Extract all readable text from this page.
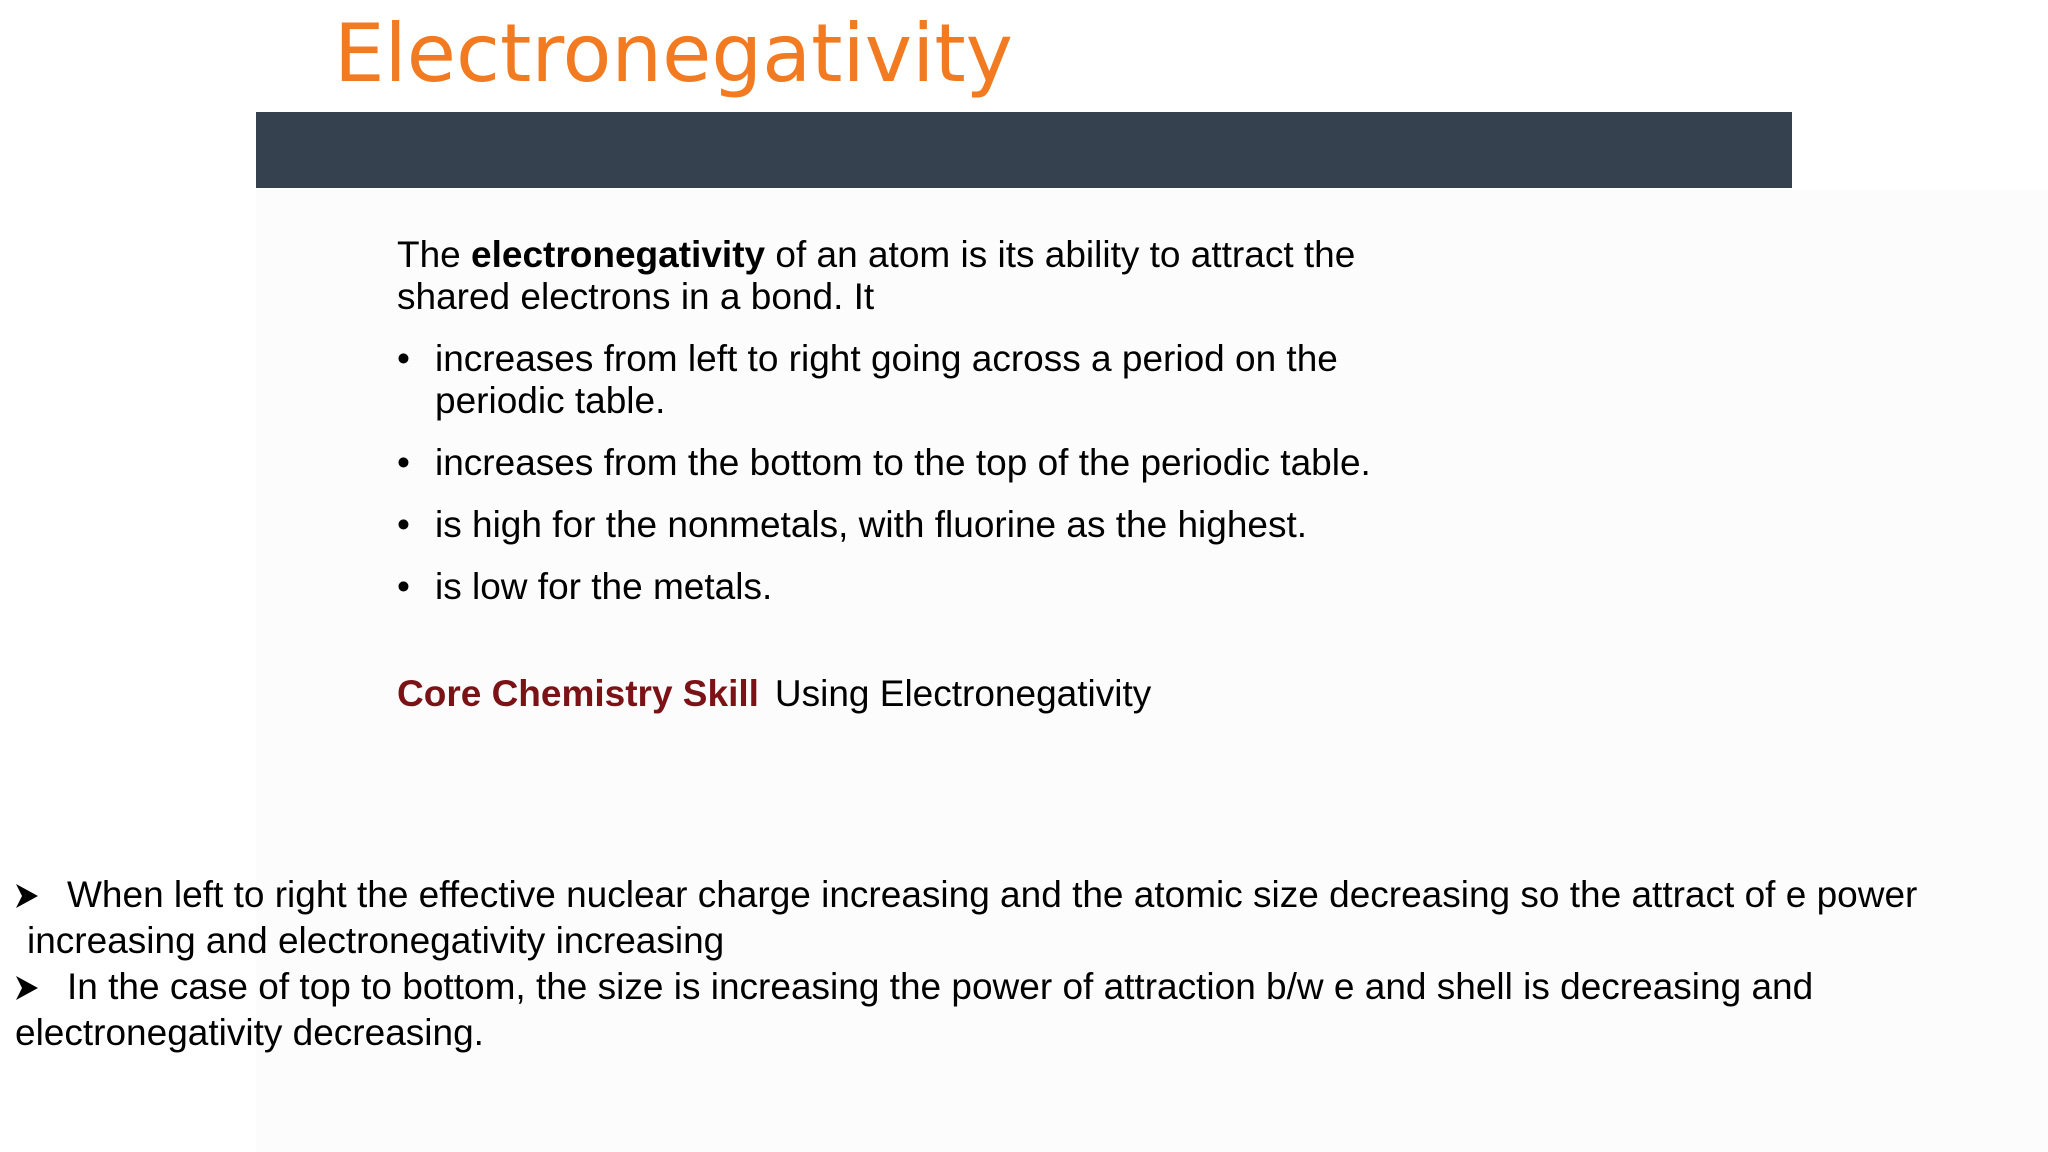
Electronegativity

The electronegativity of an atom is its ability to attract the shared electrons in a bond. It

• increases from left to right going across a period on the periodic table.
• increases from the bottom to the top of the periodic table.
• is high for the nonmetals, with fluorine as the highest.
• is low for the metals.
Core Chemistry Skill Using Electronegativity
When left to right the effective nuclear charge increasing and the atomic size decreasing so the attract of e power
increasing and electronegativity increasing
In the case of top to bottom, the size is increasing the power of attraction b/w e and shell is decreasing and
electronegativity decreasing.
